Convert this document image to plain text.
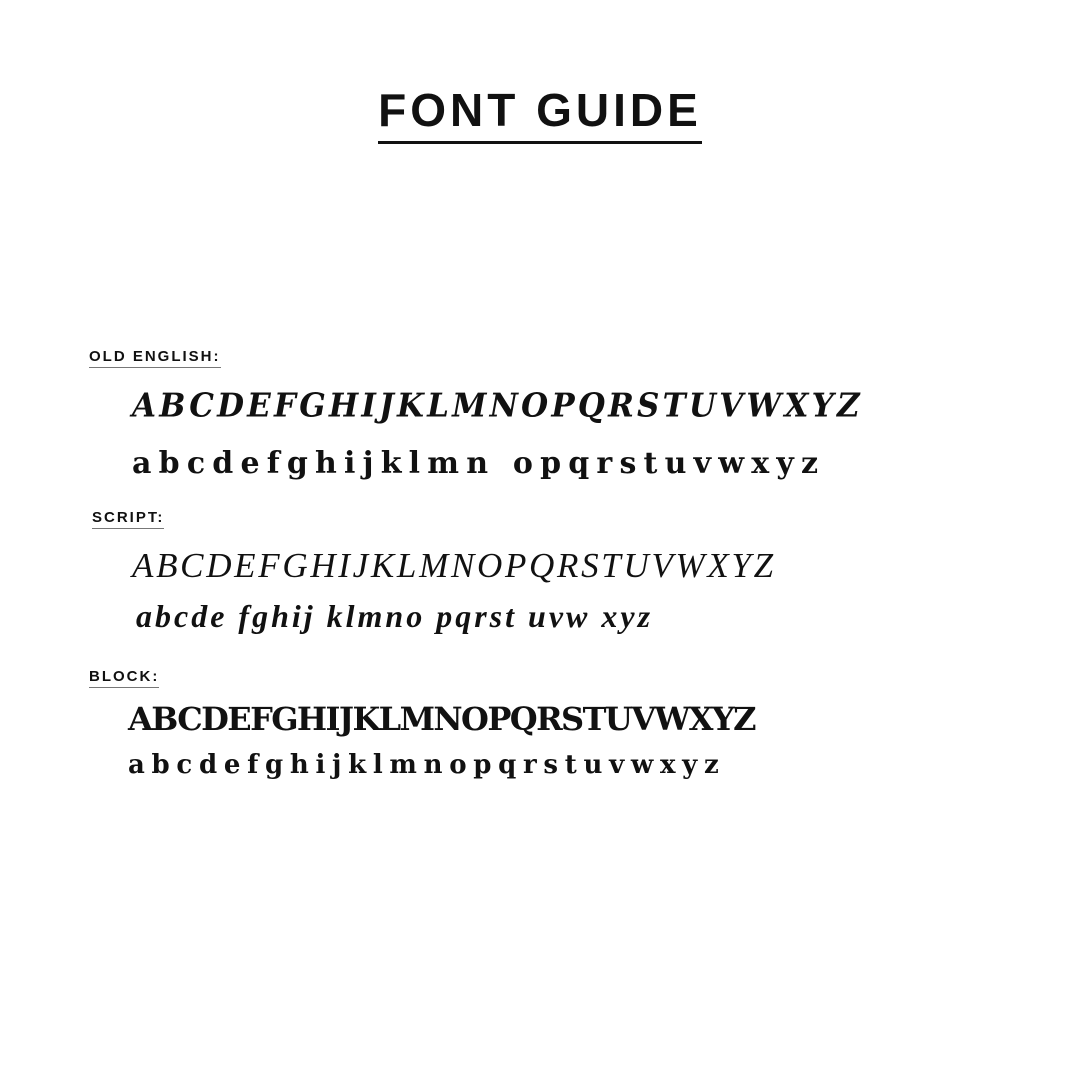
FONT GUIDE
OLD ENGLISH:
ABCDEFGHIJKLMNOPQRSTUVWXYZ
abcdefghijklmn opqrstuvwxyz
SCRIPT:
ABCDEFGHIJKLMNOPQRSTUVWXYZ
abcde fghij klmno pqrst uvw xyz
BLOCK:
ABCDEFGHIJKLMNOPQRSTUVWXYZ
abcdefghijklmnopqrstuvwxyz
